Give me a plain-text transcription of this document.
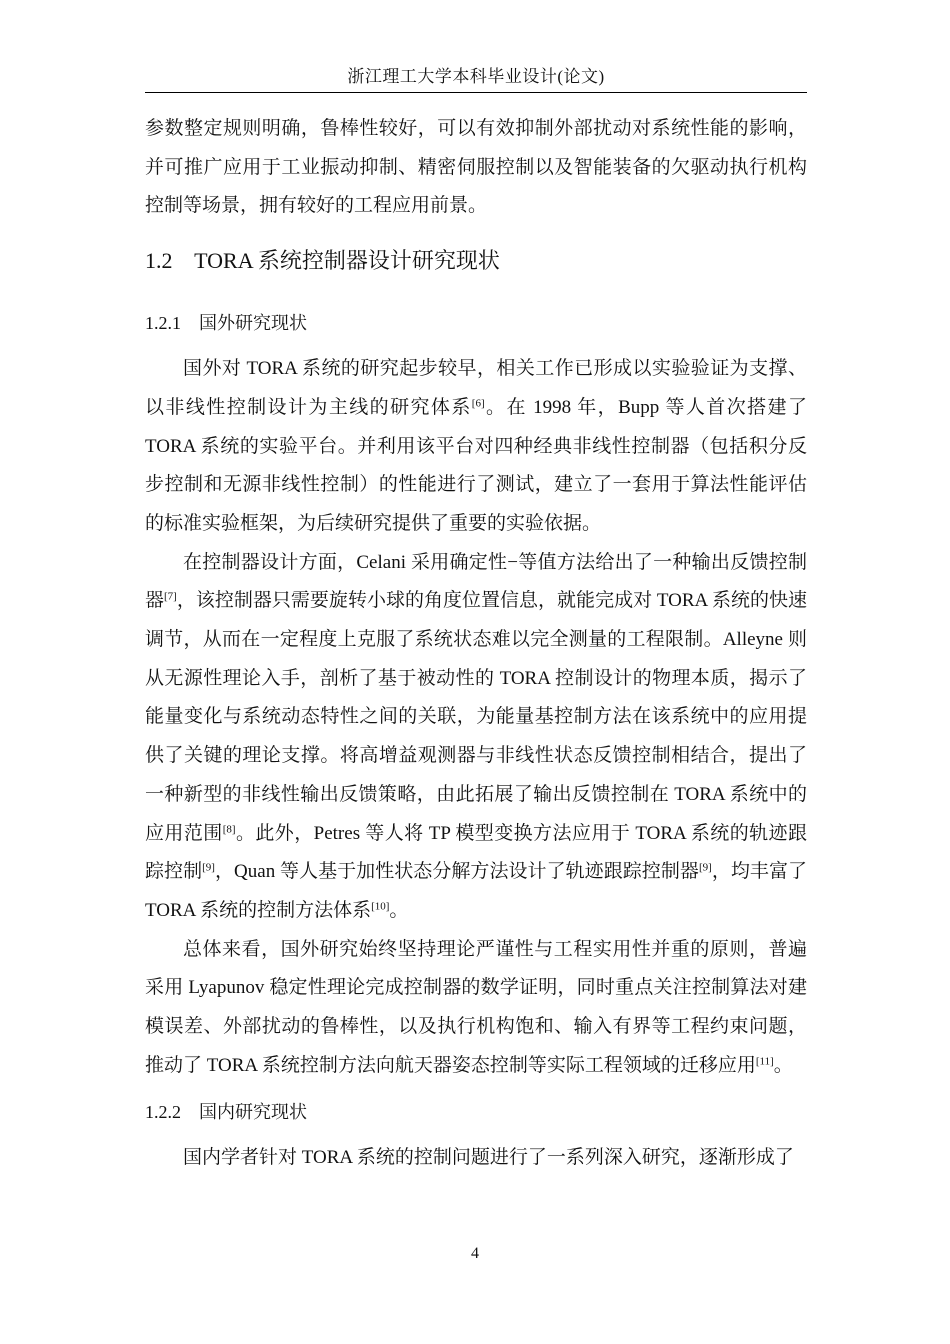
浙江理工大学本科毕业设计(论文)

参数整定规则明确，鲁棒性较好，可以有效抑制外部扰动对系统性能的影响，并可推广应用于工业振动抑制、精密伺服控制以及智能装备的欠驱动执行机构控制等场景，拥有较好的工程应用前景。

1.2 TORA 系统控制器设计研究现状
1.2.1 国外研究现状

国外对 TORA 系统的研究起步较早，相关工作已形成以实验验证为支撑、以非线性控制设计为主线的研究体系[6]。在 1998 年，Bupp 等人首次搭建了 TORA 系统的实验平台。并利用该平台对四种经典非线性控制器（包括积分反步控制和无源非线性控制）的性能进行了测试，建立了一套用于算法性能评估的标准实验框架，为后续研究提供了重要的实验依据。

在控制器设计方面，Celani 采用确定性−等值方法给出了一种输出反馈控制器[7]，该控制器只需要旋转小球的角度位置信息，就能完成对 TORA 系统的快速调节，从而在一定程度上克服了系统状态难以完全测量的工程限制。Alleyne 则从无源性理论入手，剖析了基于被动性的 TORA 控制设计的物理本质，揭示了能量变化与系统动态特性之间的关联，为能量基控制方法在该系统中的应用提供了关键的理论支撑。将高增益观测器与非线性状态反馈控制相结合，提出了一种新型的非线性输出反馈策略，由此拓展了输出反馈控制在 TORA 系统中的应用范围[8]。此外，Petres 等人将 TP 模型变换方法应用于 TORA 系统的轨迹跟踪控制[9]，Quan 等人基于加性状态分解方法设计了轨迹跟踪控制器[9]，均丰富了 TORA 系统的控制方法体系[10]。

总体来看，国外研究始终坚持理论严谨性与工程实用性并重的原则，普遍采用 Lyapunov 稳定性理论完成控制器的数学证明，同时重点关注控制算法对建模误差、外部扰动的鲁棒性，以及执行机构饱和、输入有界等工程约束问题，推动了 TORA 系统控制方法向航天器姿态控制等实际工程领域的迁移应用[11]。

1.2.2 国内研究现状

国内学者针对 TORA 系统的控制问题进行了一系列深入研究，逐渐形成了

4
